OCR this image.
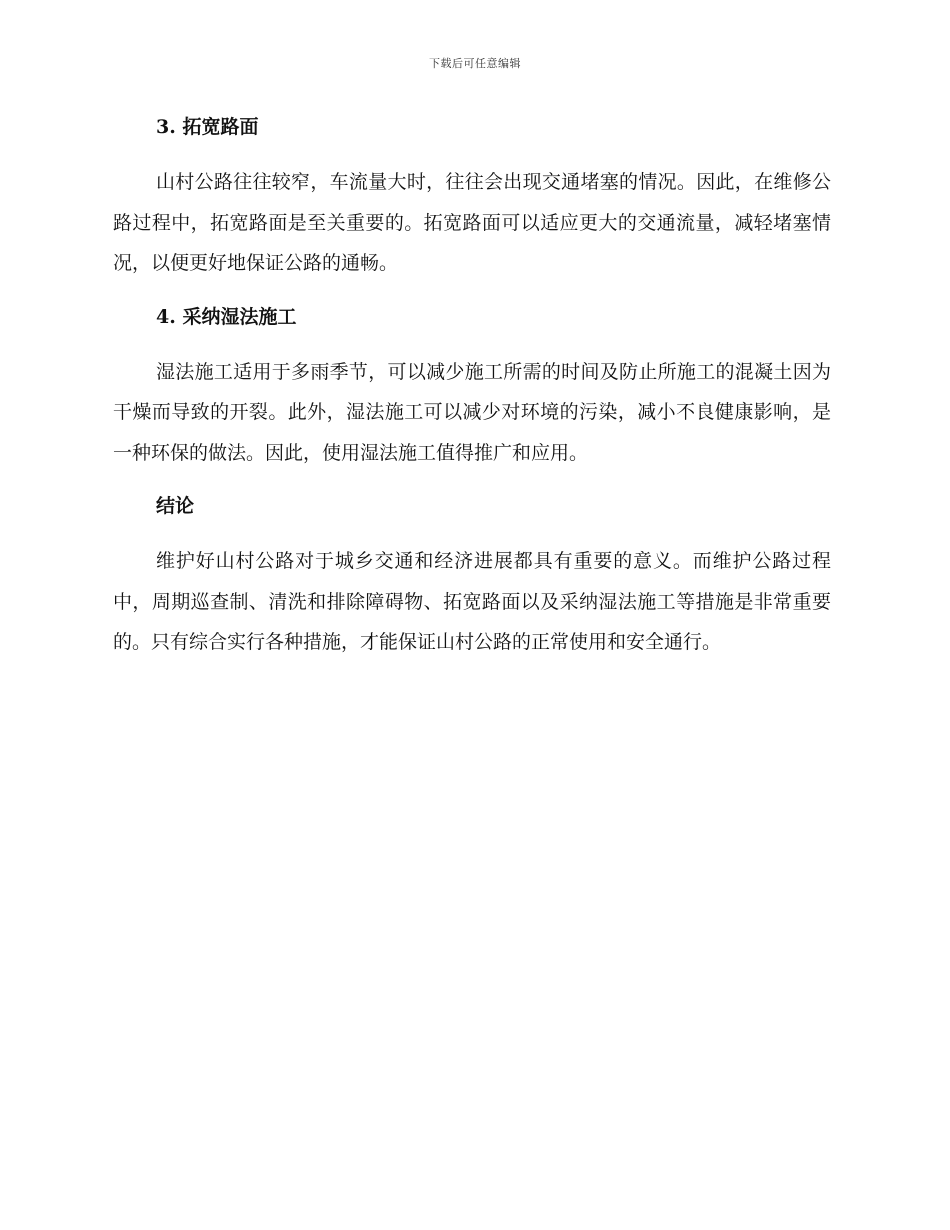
下载后可任意编辑
3. 拓宽路面

山村公路往往较窄，车流量大时，往往会出现交通堵塞的情况。因此，在维修公路过程中，拓宽路面是至关重要的。拓宽路面可以适应更大的交通流量，减轻堵塞情况，以便更好地保证公路的通畅。

4. 采纳湿法施工

湿法施工适用于多雨季节，可以减少施工所需的时间及防止所施工的混凝土因为干燥而导致的开裂。此外，湿法施工可以减少对环境的污染，减小不良健康影响，是一种环保的做法。因此，使用湿法施工值得推广和应用。

结论

维护好山村公路对于城乡交通和经济进展都具有重要的意义。而维护公路过程中，周期巡查制、清洗和排除障碍物、拓宽路面以及采纳湿法施工等措施是非常重要的。只有综合实行各种措施，才能保证山村公路的正常使用和安全通行。
